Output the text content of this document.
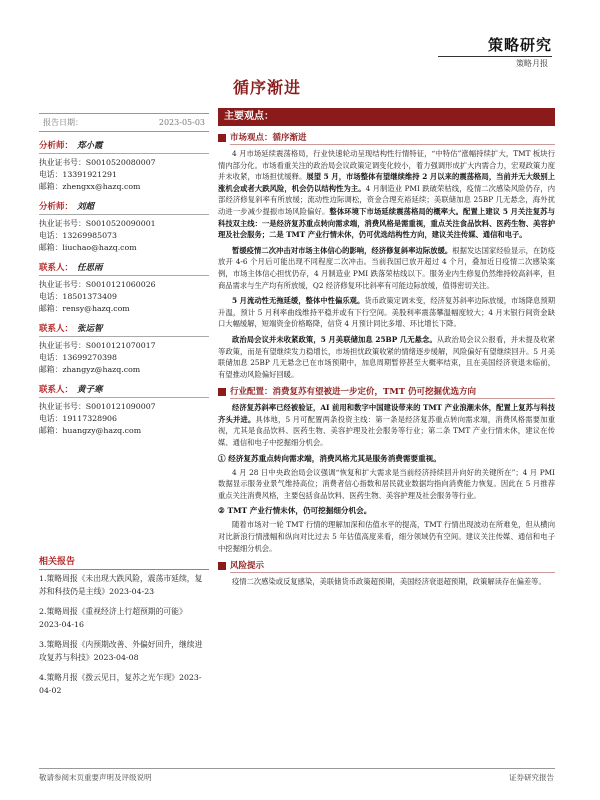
策略研究
策略月报
循序渐进
报告日期：	2023-05-03
分析师： 郑小霞
执业证书号：S0010520080007
电话：13391921291
邮箱：zhengxx@hazq.com
分析师： 刘超
执业证书号：S0010520090001
电话：13269985073
邮箱：liuchao@hazq.com
联系人： 任思雨
执业证书号：S0010121060026
电话：18501373409
邮箱：rensy@hazq.com
联系人： 张运智
执业证书号：S0010121070017
电话：13699270398
邮箱：zhangyz@hazq.com
联系人： 黄子寒
执业证书号：S0010121090007
电话：19117328906
邮箱：huangzy@hazq.com
相关报告
1.策略周报《未出现大跌风险，震荡市延续，复苏和科技仍是主线》2023-04-23
2.策略周报《重视经济上行超预期的可能》2023-04-16
3.策略周报《内预期改善、外偏好回升，继续进攻复苏与科技》2023-04-08
4.策略月报《拨云见日，复苏之光乍现》2023-04-02
主要观点：
市场观点：循序渐进
4 月市场延续震荡格局，行业快速轮动呈现结构性行情特征，“中特估”涨幅持续扩大，TMT 板块行情内部分化。市场看重关注的政治局会议政策定调变化较小，着力强调形成扩大内需合力，宏观政策力度并未收紧，市场担忧缓释。展望 5 月，市场整体有望继续维持 2 月以来的震荡格局，当前并无大级别上涨机会或者大跌风险，机会仍以结构性为主。4 月制造业 PMI 跌破荣枯线，疫情二次感染风险仍存，内部经济修复斜率有所放缓；流动性边际调松，资金合理充裕延续；美联储加息 25BP 几无悬念，海外扰动进一步减少提振市场风险偏好。整体环境下市场延续震荡格局的概率大。配置上建议 5 月关注复苏与科技双主线：一是经济复苏重点转向需求端，消费风格是需重视，重点关注食品饮料、医药生物、美容护理及社会服务；二是 TMT 产业行情未休，仍可优选结构性方向，建议关注传媒、通信和电子。
暂缓疫情二次冲击对市场主体信心的影响，经济修复斜率边际放缓。根据发达国家经验显示，在防疫放开 4-6 个月后可能出现不同程度二次冲击。当前我国已放开超过 4 个月，叠加近日疫情二次感染案例，市场主体信心担忧仍存，4 月制造业 PMI 跌落荣枯线以下。服务业内生修复仍然维持较高斜率，但商品需求与生产均有所放缓，Q2 经济修复环比斜率有可能边际放缓，值得密切关注。
5 月流动性无拖延缓，整体中性偏乐观。货币政策定调未变，经济复苏斜率边际放缓，市场降息预期升温，预计 5 月利率曲线维持平稳并或有下行空间。美股利率震荡攀温幅度较大；4 月末银行间资金缺口大幅缓解，短端资金价格略降，信贷 4 月预计同比多增、环比增长下降。
政治局会议并未收紧政策，5 月美联储加息 25BP 几无悬念。从政治局会议公报看，并未提及收紧等政策，而是有望继续发力稳增长，市场担忧政策收紧的情绪逐步缓解，风险偏好有望继续回升。5 月美联储加息 25BP 几无悬念已在市场预期中，加息周期暂停甚至大概率结束，且在美国经济衰退未临前，有望推动风险偏好回暖。
行业配置：消费复苏有望被进一步定价，TMT 仍可挖掘优选方向
经济复苏斜率已经被验证，AI 前用和数字中国建设带来的 TMT 产业浪潮未休，配置上复苏与科技齐头并进。具体地，5 月可配置两条投资主线：第一条是经济复苏重点转向需求端，消费风格需要加重视，尤其是食品饮料、医药生物、美容护理及社会服务等行业；第二条 TMT 产业行情未休，建议在传媒、通信和电子中挖掘细分机会。
① 经济复苏重点转向需求端，消费风格尤其是服务消费需要重视。
4 月 28 日中央政治局会议强调“恢复和扩大需求是当前经济持续回升向好的关键所在”；4 月 PMI 数据显示服务业景气维持高位；消费者信心指数和居民就业数据均指向消费能力恢复。因此在 5 月推荐重点关注消费风格，主要包括食品饮料、医药生物、美容护理及社会服务等行业。
② TMT 产业行情未休，仍可挖掘细分机会。
随着市场对一轮 TMT 行情的理解加深和估值水平的提高，TMT 行情出现波动在所难免，但从横向对比新浪行情涨幅和纵向对比过去 5 年估值高度来看，细分领域仍有空间。建议关注传媒、通信和电子中挖掘细分机会。
风险提示
疫情二次感染或反复感染，美联储货币政策超预期，美国经济衰退超预期，政策解读存在偏差等。
敬请参阅末页重要声明及评级说明	证券研究报告
